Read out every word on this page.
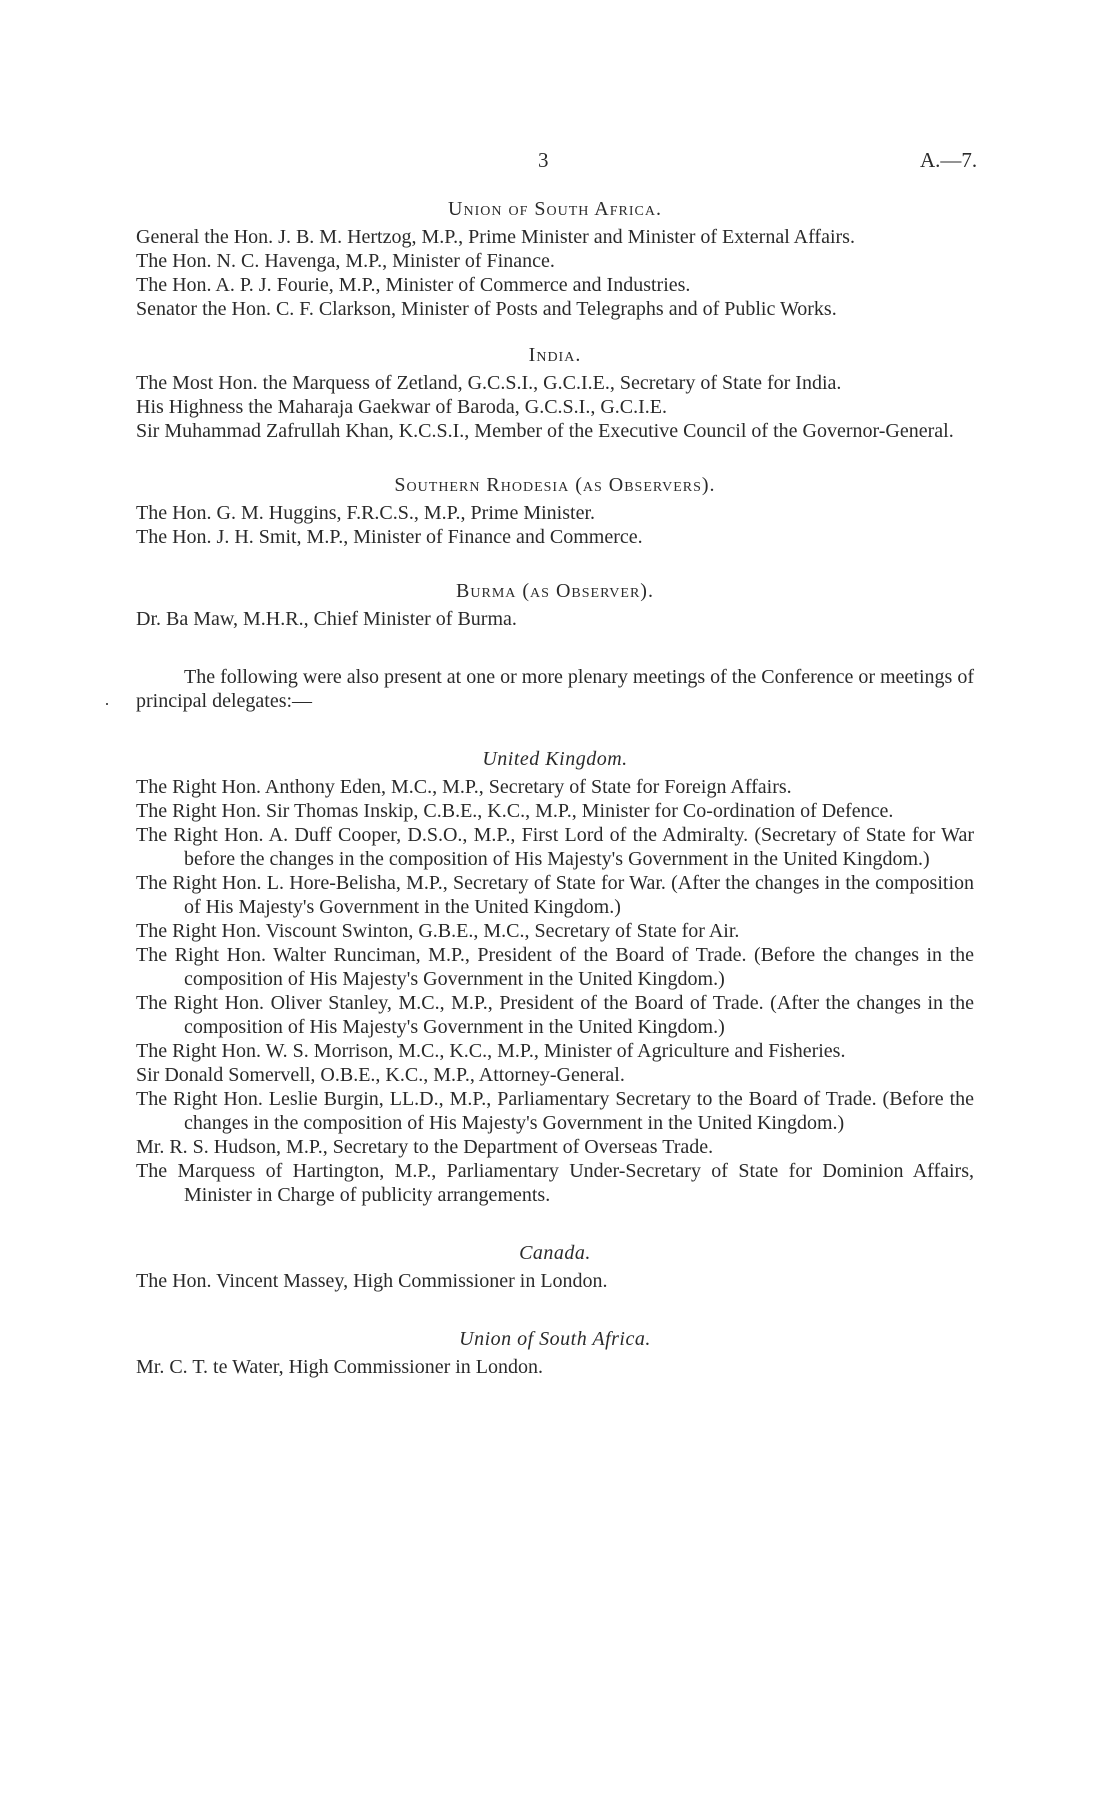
3	A.—7.
Union of South Africa.

General the Hon. J. B. M. Hertzog, M.P., Prime Minister and Minister of External Affairs.

The Hon. N. C. Havenga, M.P., Minister of Finance.

The Hon. A. P. J. Fourie, M.P., Minister of Commerce and Industries.

Senator the Hon. C. F. Clarkson, Minister of Posts and Telegraphs and of Public Works.

India.

The Most Hon. the Marquess of Zetland, G.C.S.I., G.C.I.E., Secretary of State for India.

His Highness the Maharaja Gaekwar of Baroda, G.C.S.I., G.C.I.E.

Sir Muhammad Zafrullah Khan, K.C.S.I., Member of the Executive Council of the Governor-General.

Southern Rhodesia (as Observers).

The Hon. G. M. Huggins, F.R.C.S., M.P., Prime Minister.

The Hon. J. H. Smit, M.P., Minister of Finance and Commerce.

Burma (as Observer).

Dr. Ba Maw, M.H.R., Chief Minister of Burma.

The following were also present at one or more plenary meetings of the Conference or meetings of principal delegates:—

United Kingdom.

The Right Hon. Anthony Eden, M.C., M.P., Secretary of State for Foreign Affairs.

The Right Hon. Sir Thomas Inskip, C.B.E., K.C., M.P., Minister for Co-ordination of Defence.

The Right Hon. A. Duff Cooper, D.S.O., M.P., First Lord of the Admiralty. (Secretary of State for War before the changes in the composition of His Majesty's Government in the United Kingdom.)

The Right Hon. L. Hore-Belisha, M.P., Secretary of State for War. (After the changes in the composition of His Majesty's Government in the United Kingdom.)

The Right Hon. Viscount Swinton, G.B.E., M.C., Secretary of State for Air.

The Right Hon. Walter Runciman, M.P., President of the Board of Trade. (Before the changes in the composition of His Majesty's Government in the United Kingdom.)

The Right Hon. Oliver Stanley, M.C., M.P., President of the Board of Trade. (After the changes in the composition of His Majesty's Government in the United Kingdom.)

The Right Hon. W. S. Morrison, M.C., K.C., M.P., Minister of Agriculture and Fisheries.

Sir Donald Somervell, O.B.E., K.C., M.P., Attorney-General.

The Right Hon. Leslie Burgin, LL.D., M.P., Parliamentary Secretary to the Board of Trade. (Before the changes in the composition of His Majesty's Government in the United Kingdom.)

Mr. R. S. Hudson, M.P., Secretary to the Department of Overseas Trade.

The Marquess of Hartington, M.P., Parliamentary Under-Secretary of State for Dominion Affairs, Minister in Charge of publicity arrangements.

Canada.

The Hon. Vincent Massey, High Commissioner in London.

Union of South Africa.

Mr. C. T. te Water, High Commissioner in London.
